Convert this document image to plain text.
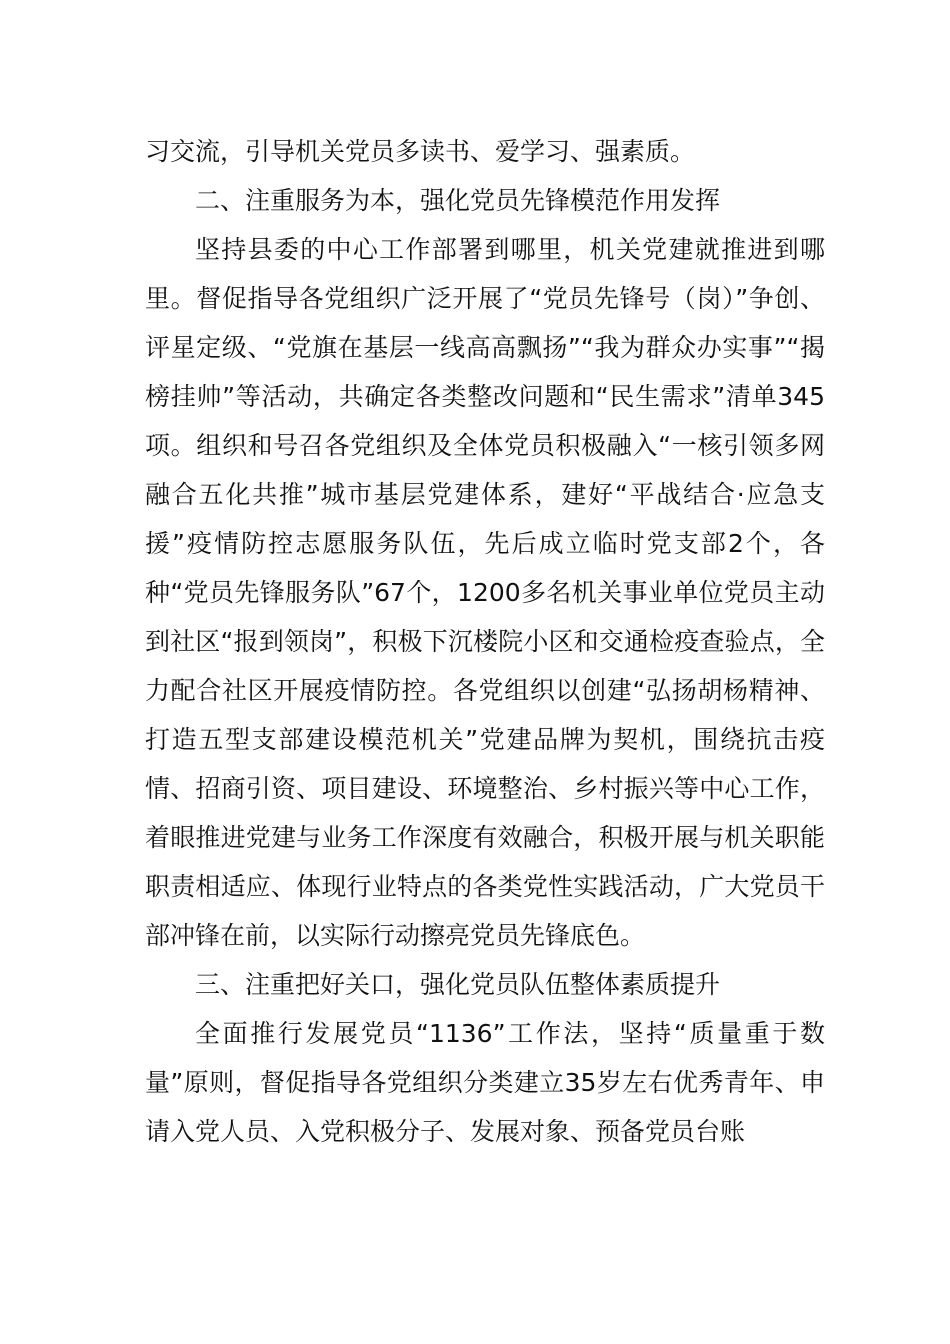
习交流，引导机关党员多读书、爱学习、强素质。

二、注重服务为本，强化党员先锋模范作用发挥

坚持县委的中心工作部署到哪里，机关党建就推进到哪里。督促指导各党组织广泛开展了“党员先锋号（岗）”争创、评星定级、“党旗在基层一线高高飘扬”“我为群众办实事”“揭榜挂帅”等活动，共确定各类整改问题和“民生需求”清单345项。组织和号召各党组织及全体党员积极融入“一核引领多网融合五化共推”城市基层党建体系，建好“平战结合·应急支援”疫情防控志愿服务队伍，先后成立临时党支部2个，各种“党员先锋服务队”67个，1200多名机关事业单位党员主动到社区“报到领岗”，积极下沉楼院小区和交通检疫查验点，全力配合社区开展疫情防控。各党组织以创建“弘扬胡杨精神、打造五型支部建设模范机关”党建品牌为契机，围绕抗击疫情、招商引资、项目建设、环境整治、乡村振兴等中心工作，着眼推进党建与业务工作深度有效融合，积极开展与机关职能职责相适应、体现行业特点的各类党性实践活动，广大党员干部冲锋在前，以实际行动擦亮党员先锋底色。

三、注重把好关口，强化党员队伍整体素质提升

全面推行发展党员“1136”工作法，坚持“质量重于数量”原则，督促指导各党组织分类建立35岁左右优秀青年、申请入党人员、入党积极分子、发展对象、预备党员台账
